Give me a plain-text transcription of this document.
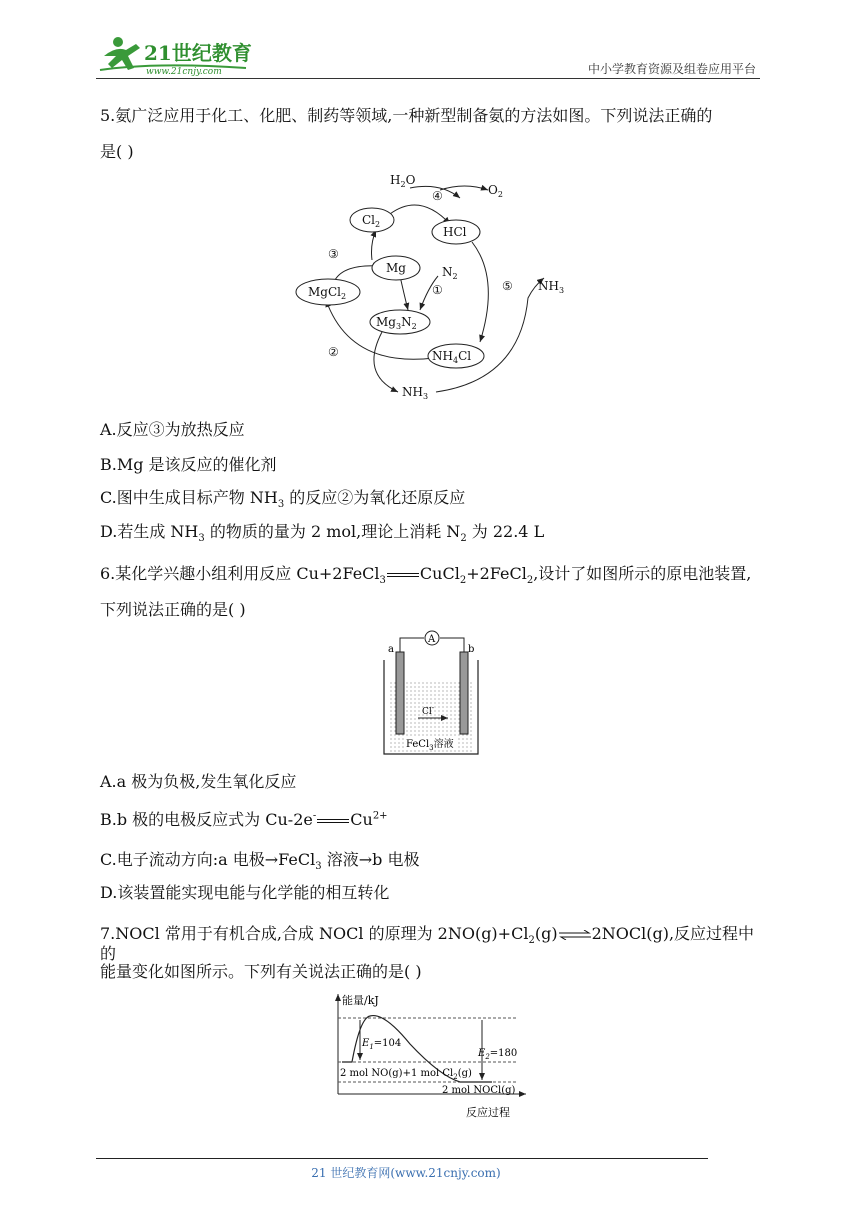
21世纪教育
www.21cnjy.com	中小学教育资源及组卷应用平台
5.氨广泛应用于化工、化肥、制药等领域,一种新型制备氨的方法如图。下列说法正确的
是( )
$H_2O$
④	$O_2$
$Cl_2$
HCl
③
Mg	$N_2$
①
MgCl$_2$
⑤ $NH_3$
$Mg_3N_2$
②	$NH_4Cl$
$NH_3$
A.反应③为放热反应
B.Mg 是该反应的催化剂
C.图中生成目标产物 $NH_3$ 的反应②为氧化还原反应
D.若生成 $NH_3$ 的物质的量为 2 mol,理论上消耗 $N_2$ 为 22.4 L
6.某化学兴趣小组利用反应 Cu+2FeCl$_3$ CuCl$_2$+2FeCl$_2$,设计了如图所示的原电池装置,
下列说法正确的是( )
A
a	b
Cl-
FeCl$_3$溶液
A.a 极为负极,发生氧化反应
B.b 极的电极反应式为 Cu-2e- $Cu^{2+}$
C.电子流动方向:a 电极→FeCl$_3$ 溶液→b 电极
D.该装置能实现电能与化学能的相互转化
7.NOCl 常用于有机合成,合成 NOCl 的原理为 $2NO(g)+Cl_2(g)\rightleftharpoons 2NOCl(g)$,反应过程中的
能量变化如图所示。下列有关说法正确的是( )
能量/kJ
反应过程
$E_1=104$
$E_2=180$
2 mol NO(g)+1 mol $Cl_2(g)$
2 mol NOCl(g)
21 世纪教育网(www.21cnjy.com)
